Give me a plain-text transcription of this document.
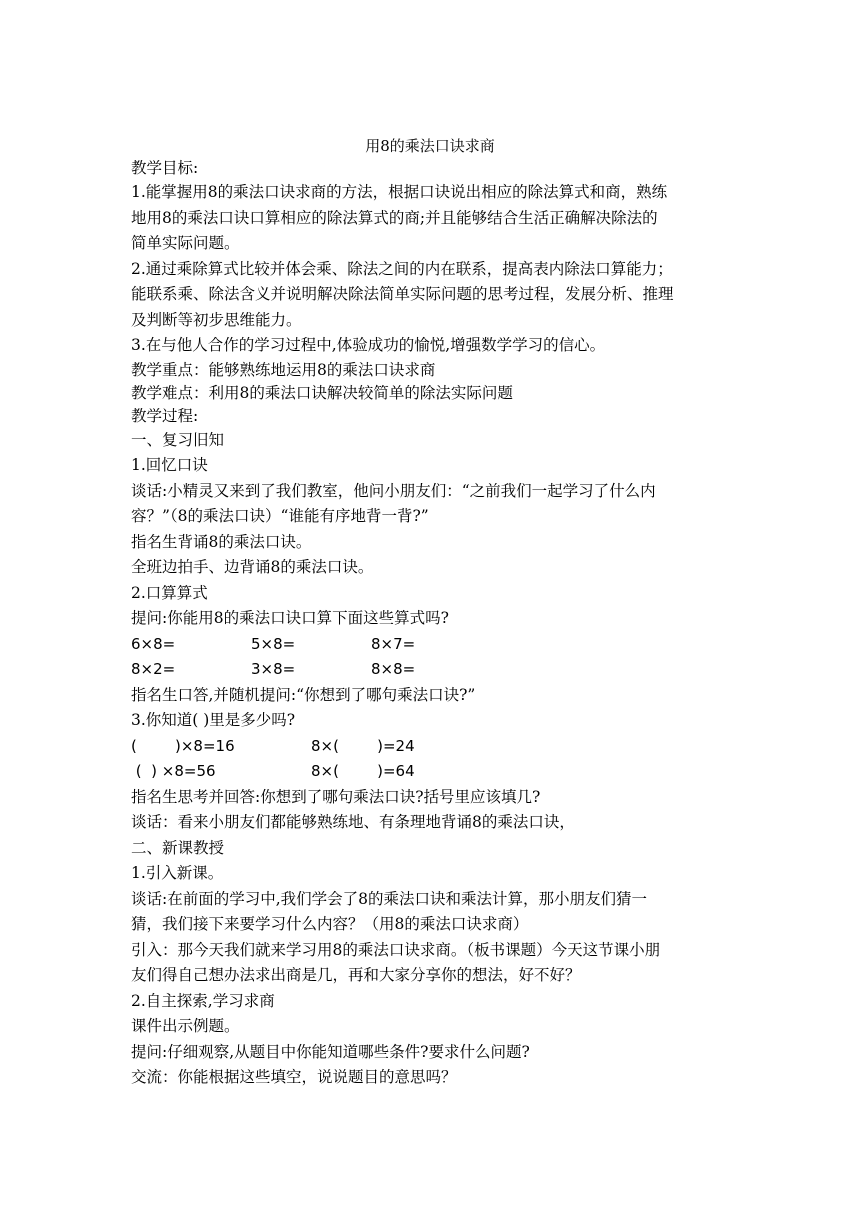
用8的乘法口诀求商
教学目标:
1.能掌握用8的乘法口诀求商的方法，根据口诀说出相应的除法算式和商，熟练
地用8的乘法口诀口算相应的除法算式的商;并且能够结合生活正确解决除法的
简单实际问题。
2.通过乘除算式比较并体会乘、除法之间的内在联系，提高表内除法口算能力；
能联系乘、除法含义并说明解决除法简单实际问题的思考过程，发展分析、推理
及判断等初步思维能力。
3.在与他人合作的学习过程中,体验成功的愉悦,增强数学学习的信心。
教学重点：能够熟练地运用8的乘法口诀求商
教学难点：利用8的乘法口诀解决较简单的除法实际问题
教学过程:
一、复习旧知
1.回忆口诀
谈话:小精灵又来到了我们教室，他问小朋友们：“之前我们一起学习了什么内
容？”（8的乘法口诀）“谁能有序地背一背?”
指名生背诵8的乘法口诀。
全班边拍手、边背诵8的乘法口诀。
2.口算算式
提问:你能用8的乘法口诀口算下面这些算式吗?
6×8=	5×8=	8×7=
8×2=	3×8=	8×8=
指名生口答,并随机提问:“你想到了哪句乘法口诀?”
3.你知道( )里是多少吗?
(        )×8=16	8×(        )=24
(  ) ×8=56	8×(        )=64
指名生思考并回答:你想到了哪句乘法口诀?括号里应该填几?
谈话：看来小朋友们都能够熟练地、有条理地背诵8的乘法口诀，
二、新课教授
1.引入新课。
谈话:在前面的学习中,我们学会了8的乘法口诀和乘法计算，那小朋友们猜一
猜，我们接下来要学习什么内容？（用8的乘法口诀求商）
引入：那今天我们就来学习用8的乘法口诀求商。（板书课题）今天这节课小朋
友们得自己想办法求出商是几，再和大家分享你的想法，好不好？
2.自主探索,学习求商
课件出示例题。
提问:仔细观察,从题目中你能知道哪些条件?要求什么问题?
交流：你能根据这些填空，说说题目的意思吗？
